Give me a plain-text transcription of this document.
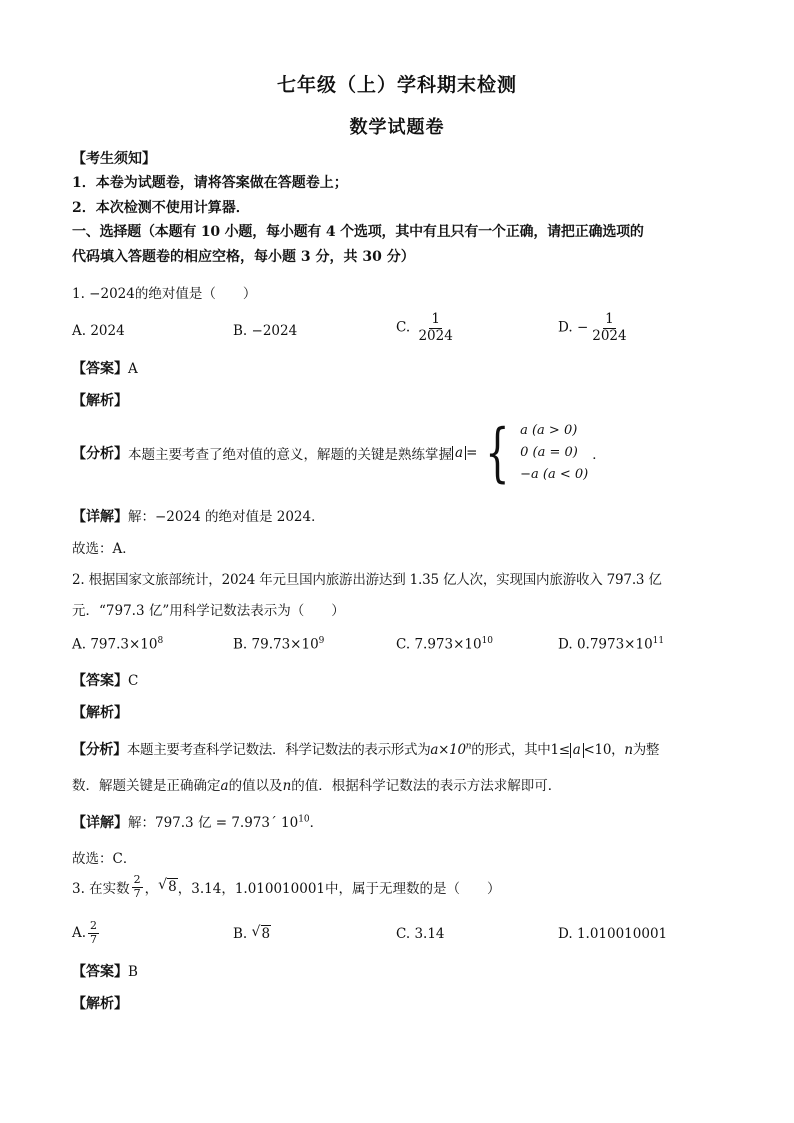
七年级（上）学科期末检测
数学试题卷
【考生须知】
1．本卷为试题卷，请将答案做在答题卷上；
2．本次检测不使用计算器．
一、选择题（本题有 10 小题，每小题有 4 个选项，其中有且只有一个正确，请把正确选项的
代码填入答题卷的相应空格，每小题 3 分，共 30 分）
1. −2024的绝对值是（　　）
A. 2024	B. −2024	C. $\frac{1}{2024}$	D. − $\frac{1}{2024}$
【答案】A
【解析】
【分析】 本题主要考查了绝对值的意义，解题的关键是熟练掌握 a = { a (a > 0)
0 (a = 0)
−a (a < 0)
．
【详解】解：−2024 的绝对值是 2024．
故选：A．
2. 根据国家文旅部统计，2024 年元旦国内旅游出游达到 1.35 亿人次，实现国内旅游收入 797.3 亿
元．“797.3 亿”用科学记数法表示为（　　）
A. $797.3\times 10^8$	B. $79.73\times 10^9$	C. $7.973\times 10^{10}$	D. $0.7973\times 10^{11}$
【答案】C
【解析】
【分析】本题主要考查科学记数法．科学记数法的表示形式为$a\times 10^n$的形式，其中1≤ a <10，n为整
数．解题关键是正确确定a的值以及n的值．根据科学记数法的表示方法求解即可．
【详解】解：797.3 亿 = 7.973´ $10^{10}$．
故选：C．
3. 在实数 $\frac{2}{7}$ ， √ 8 ，3.14，1.010010001中，属于无理数的是（　　）
A. $\frac{2}{7}$	B. √ 8	C. 3.14	D. 1.010010001
【答案】B
【解析】
